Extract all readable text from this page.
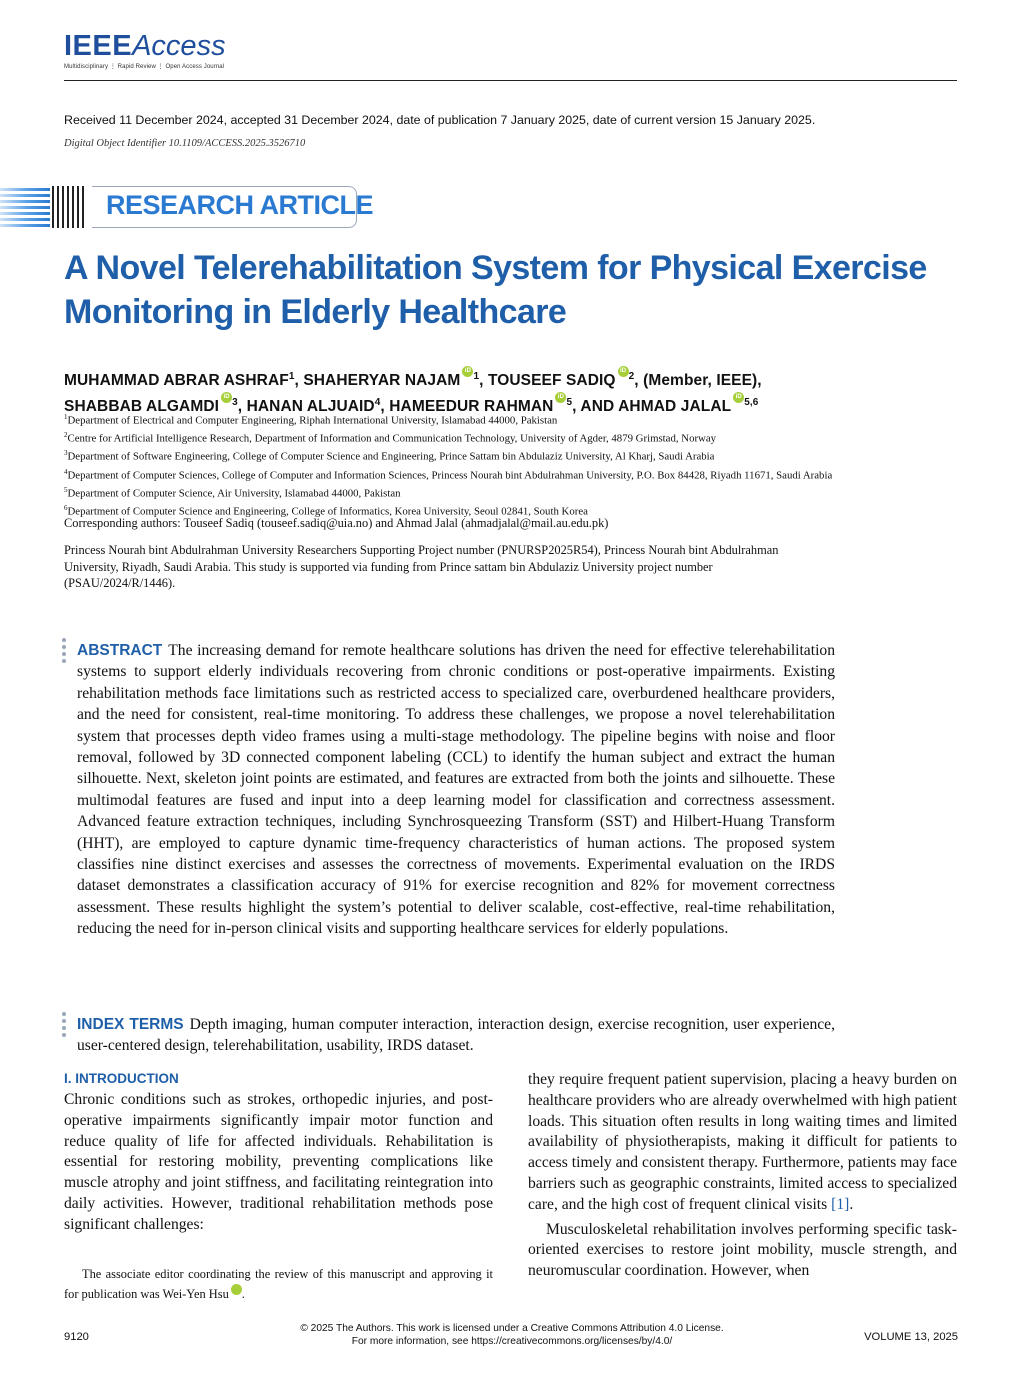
IEEEAccess
Multidisciplinary ⋮ Rapid Review ⋮ Open Access Journal
Received 11 December 2024, accepted 31 December 2024, date of publication 7 January 2025, date of current version 15 January 2025.
Digital Object Identifier 10.1109/ACCESS.2025.3526710
RESEARCH ARTICLE
A Novel Telerehabilitation System for Physical Exercise Monitoring in Elderly Healthcare
MUHAMMAD ABRAR ASHRAF$^1$, SHAHERYAR NAJAMiD $^1$, TOUSEEF SADIQiD $^2$, (Member, IEEE),
SHABBAB ALGAMDIiD $^3$, HANAN ALJUAID$^4$, HAMEEDUR RAHMANiD $^5$, AND AHMAD JALALiD $^{5,6}$
$^1$Department of Electrical and Computer Engineering, Riphah International University, Islamabad 44000, Pakistan
$^2$Centre for Artificial Intelligence Research, Department of Information and Communication Technology, University of Agder, 4879 Grimstad, Norway
$^3$Department of Software Engineering, College of Computer Science and Engineering, Prince Sattam bin Abdulaziz University, Al Kharj, Saudi Arabia
$^4$Department of Computer Sciences, College of Computer and Information Sciences, Princess Nourah bint Abdulrahman University, P.O. Box 84428, Riyadh 11671, Saudi Arabia
$^5$Department of Computer Science, Air University, Islamabad 44000, Pakistan
$^6$Department of Computer Science and Engineering, College of Informatics, Korea University, Seoul 02841, South Korea
Corresponding authors: Touseef Sadiq (touseef.sadiq@uia.no) and Ahmad Jalal (ahmadjalal@mail.au.edu.pk)
Princess Nourah bint Abdulrahman University Researchers Supporting Project number (PNURSP2025R54), Princess Nourah bint Abdulrahman University, Riyadh, Saudi Arabia. This study is supported via funding from Prince sattam bin Abdulaziz University project number (PSAU/2024/R/1446).
ABSTRACT The increasing demand for remote healthcare solutions has driven the need for effective telerehabilitation systems to support elderly individuals recovering from chronic conditions or post-operative impairments. Existing rehabilitation methods face limitations such as restricted access to specialized care, overburdened healthcare providers, and the need for consistent, real-time monitoring. To address these challenges, we propose a novel telerehabilitation system that processes depth video frames using a multi-stage methodology. The pipeline begins with noise and floor removal, followed by 3D connected component labeling (CCL) to identify the human subject and extract the human silhouette. Next, skeleton joint points are estimated, and features are extracted from both the joints and silhouette. These multimodal features are fused and input into a deep learning model for classification and correctness assessment. Advanced feature extraction techniques, including Synchrosqueezing Transform (SST) and Hilbert-Huang Transform (HHT), are employed to capture dynamic time-frequency characteristics of human actions. The proposed system classifies nine distinct exercises and assesses the correctness of movements. Experimental evaluation on the IRDS dataset demonstrates a classification accuracy of 91% for exercise recognition and 82% for movement correctness assessment. These results highlight the system’s potential to deliver scalable, cost-effective, real-time rehabilitation, reducing the need for in-person clinical visits and supporting healthcare services for elderly populations.
INDEX TERMS Depth imaging, human computer interaction, interaction design, exercise recognition, user experience, user-centered design, telerehabilitation, usability, IRDS dataset.
I. INTRODUCTION
Chronic conditions such as strokes, orthopedic injuries, and post-operative impairments significantly impair motor function and reduce quality of life for affected individuals. Rehabilitation is essential for restoring mobility, preventing complications like muscle atrophy and joint stiffness, and facilitating reintegration into daily activities. However, traditional rehabilitation methods pose significant challenges:

they require frequent patient supervision, placing a heavy burden on healthcare providers who are already overwhelmed with high patient loads. This situation often results in long waiting times and limited availability of physiotherapists, making it difficult for patients to access timely and consistent therapy. Furthermore, patients may face barriers such as geographic constraints, limited access to specialized care, and the high cost of frequent clinical visits [1].

Musculoskeletal rehabilitation involves performing specific task-oriented exercises to restore joint mobility, muscle strength, and neuromuscular coordination. However, when

The associate editor coordinating the review of this manuscript and approving it for publication was Wei-Yen Hsu	iD.
© 2025 The Authors. This work is licensed under a Creative Commons Attribution 4.0 License.
For more information, see https://creativecommons.org/licenses/by/4.0/
9120	VOLUME 13, 2025
